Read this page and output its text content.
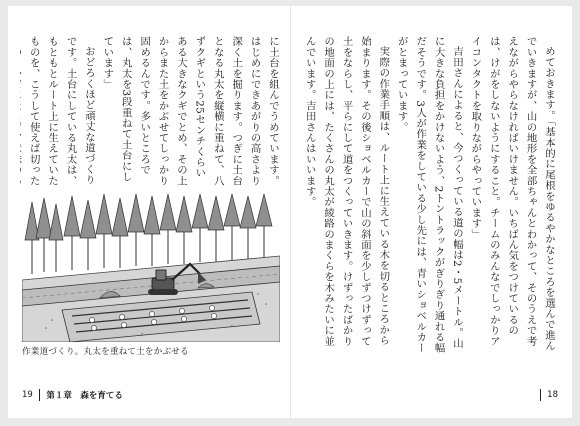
めておきます。「基本的に尾根をゆるやかなところを選んで進んでいきますが、山の地形を全部ちゃんとわかって、そのうえで考えながらやらなければいけません。いちばん気をつけているのは、けがをしないようにすること。チームのみんなでしっかりアイコンタクトを取りながらやっています」

吉田さんによると、今つくっている道の幅は2・5メートル。山に大きな負担をかけないよう、2トントラックがぎりぎり通れる幅だそうです。3人が作業をしている少し先には、青いショベルカーがとまっています。

実際の作業手順は、ルート上に生えている木を切るところから始まります。その後ショベルカーで山の斜面を少しずつけずって土をならし、平らにして道をつくっていきます。けずったばかりの地面の上には、たくさんの丸太が綾路のまくらを木みたいに並んでいます。吉田さんはいいます。

に土台を組んでうめています。はじめにできあがりの高さより深く土を掘ります。つぎに土台となる丸太を縦横に重ねて、八ずクギという25センチくらいある大きなクギでとめ、その上からまた土をかぶせてしっかり固めるんです。多いところでは、丸太を3段重ねて土台にしています」

おどろくほど頑丈な道づくりです。土台にしている丸太は、もともとルート上に生えていたものを、こうして使えば切った

作業道づくり。丸太を重ねて土をかぶせる
19 第１章　森を育てる	18
